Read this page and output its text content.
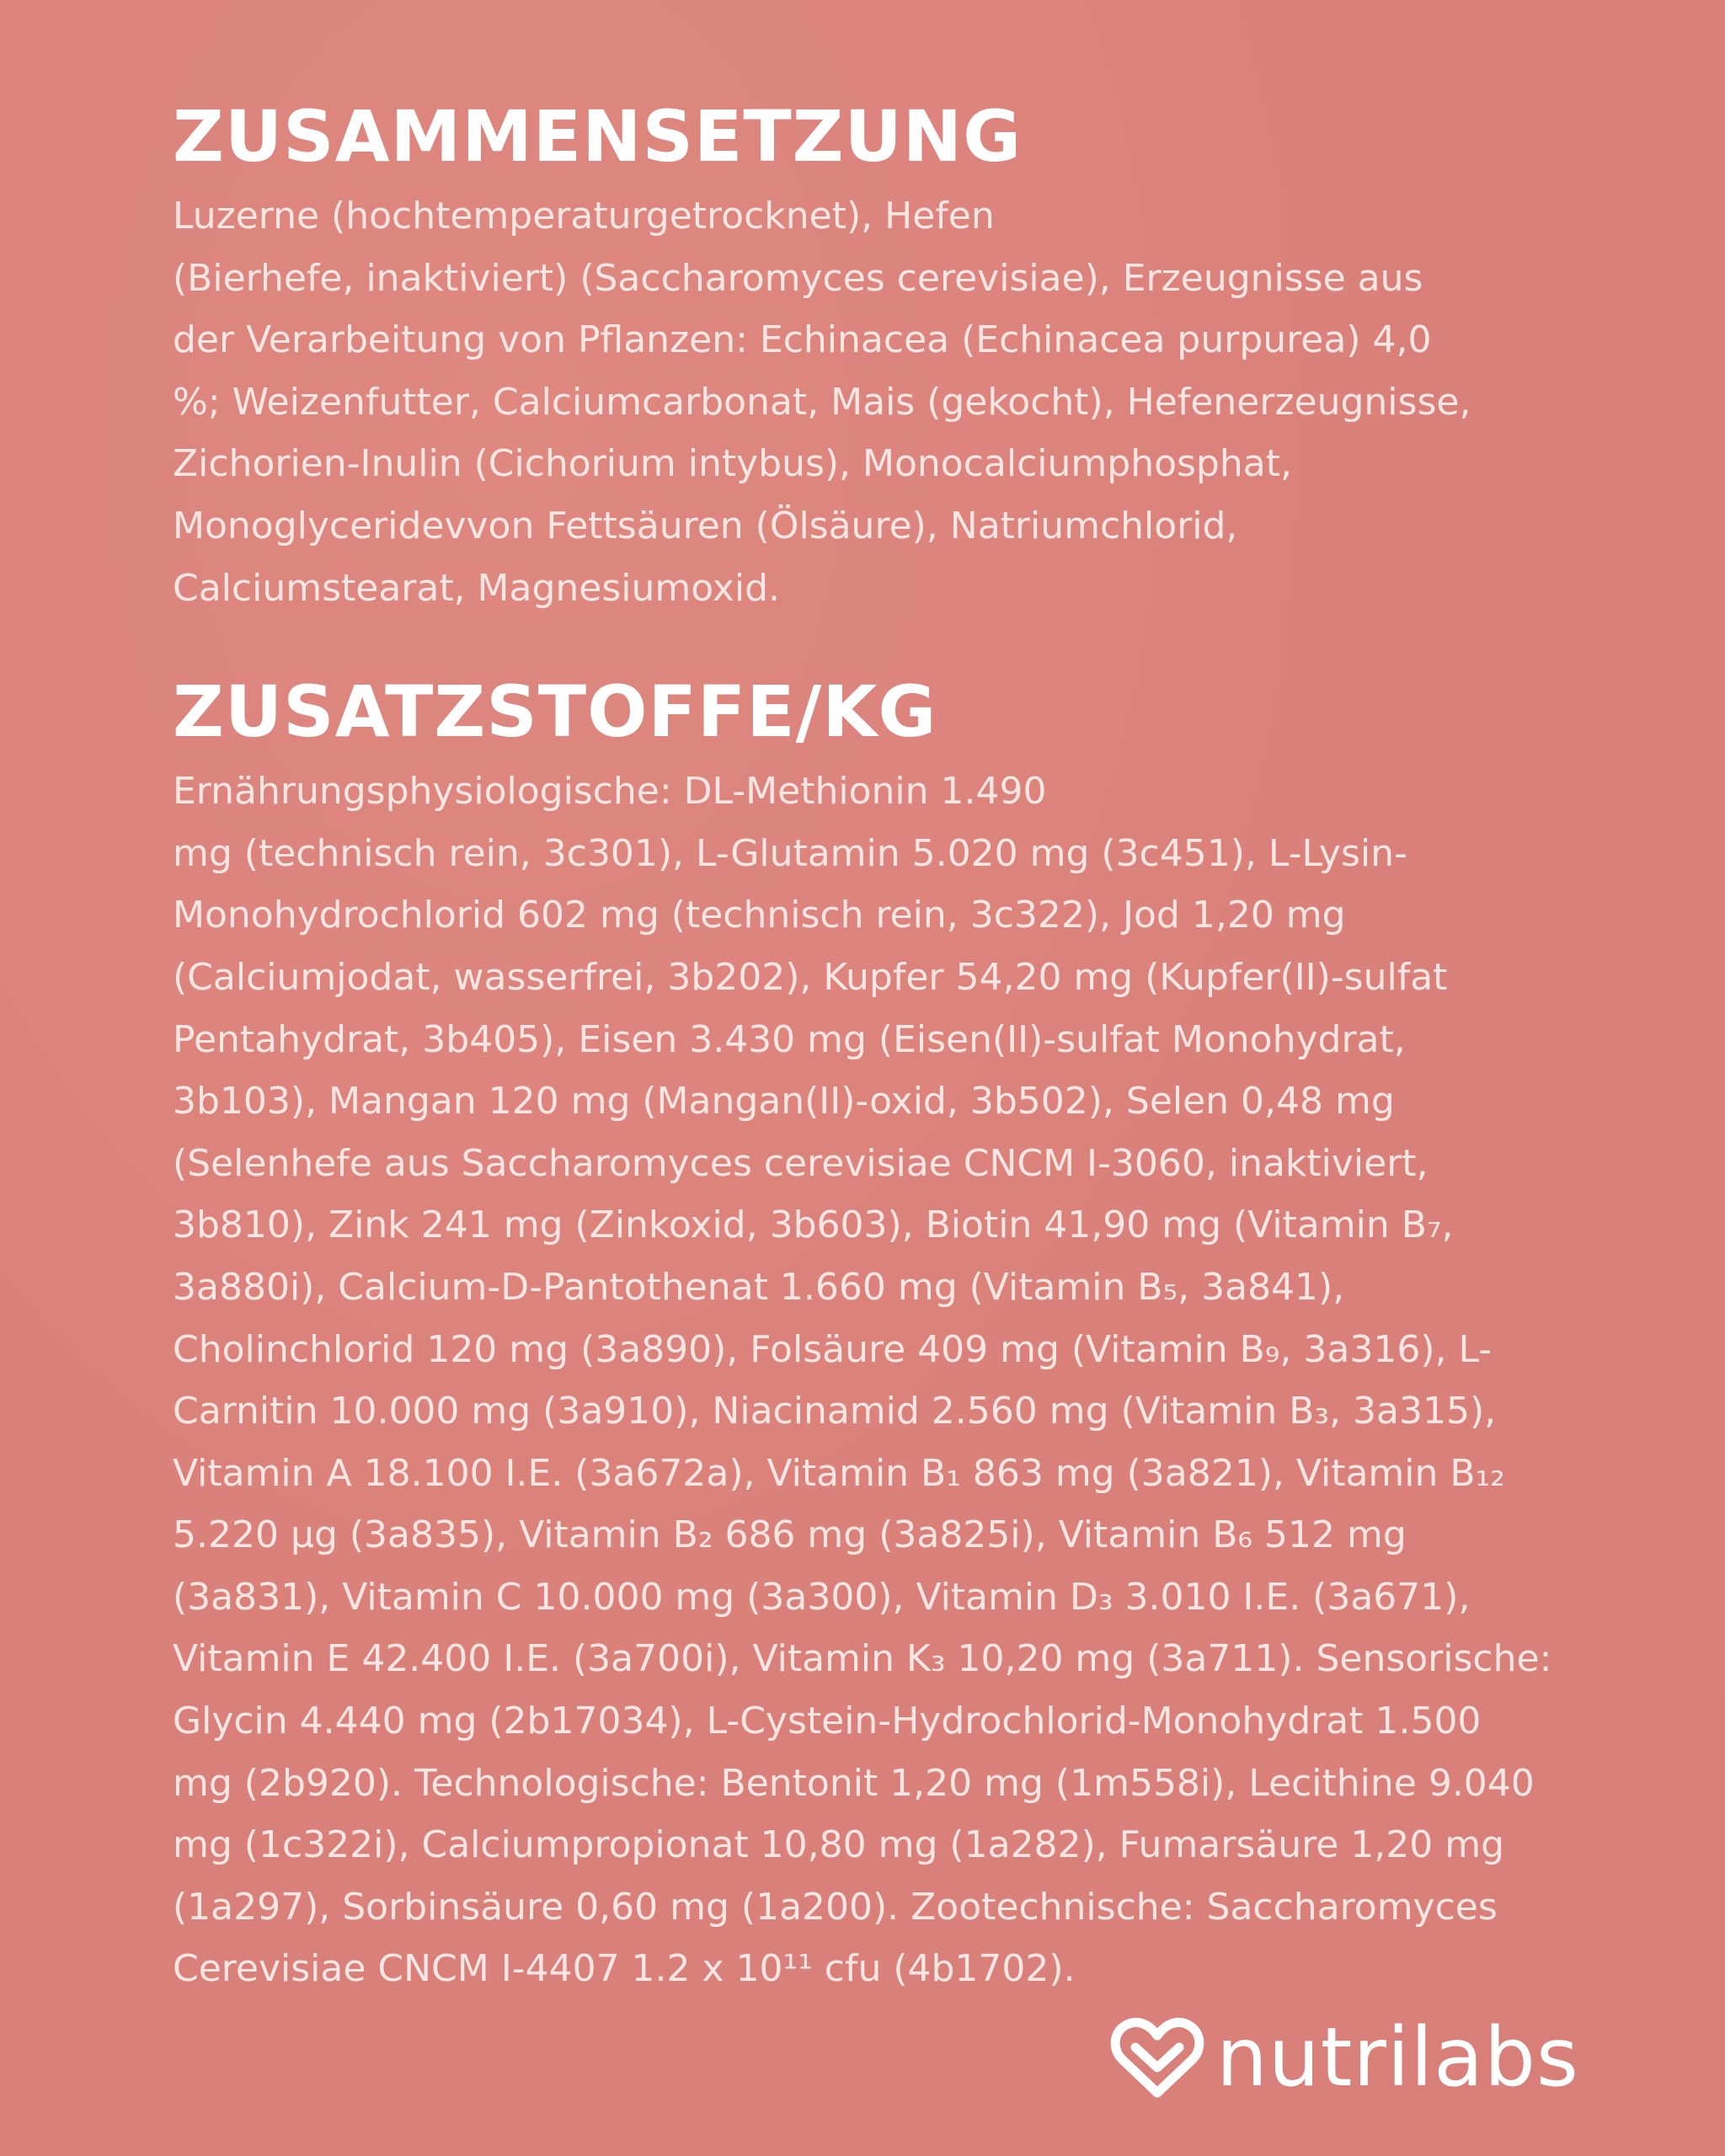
ZUSAMMENSETZUNG

Luzerne (hochtemperaturgetrocknet), Hefen
(Bierhefe, inaktiviert) (Saccharomyces cerevisiae), Erzeugnisse aus
der Verarbeitung von Pflanzen: Echinacea (Echinacea purpurea) 4,0
%; Weizenfutter, Calciumcarbonat, Mais (gekocht), Hefenerzeugnisse,
Zichorien-Inulin (Cichorium intybus), Monocalciumphosphat,
Monoglyceridevvon Fettsäuren (Ölsäure), Natriumchlorid,
Calciumstearat, Magnesiumoxid.

ZUSATZSTOFFE/KG

Ernährungsphysiologische: DL-Methionin 1.490
mg (technisch rein, 3c301), L-Glutamin 5.020 mg (3c451), L-Lysin-
Monohydrochlorid 602 mg (technisch rein, 3c322), Jod 1,20 mg
(Calciumjodat, wasserfrei, 3b202), Kupfer 54,20 mg (Kupfer(II)-sulfat
Pentahydrat, 3b405), Eisen 3.430 mg (Eisen(II)-sulfat Monohydrat,
3b103), Mangan 120 mg (Mangan(II)-oxid, 3b502), Selen 0,48 mg
(Selenhefe aus Saccharomyces cerevisiae CNCM I-3060, inaktiviert,
3b810), Zink 241 mg (Zinkoxid, 3b603), Biotin 41,90 mg (Vitamin B₇,
3a880i), Calcium-D-Pantothenat 1.660 mg (Vitamin B₅, 3a841),
Cholinchlorid 120 mg (3a890), Folsäure 409 mg (Vitamin B₉, 3a316), L-
Carnitin 10.000 mg (3a910), Niacinamid 2.560 mg (Vitamin B₃, 3a315),
Vitamin A 18.100 I.E. (3a672a), Vitamin B₁ 863 mg (3a821), Vitamin B₁₂
5.220 µg (3a835), Vitamin B₂ 686 mg (3a825i), Vitamin B₆ 512 mg
(3a831), Vitamin C 10.000 mg (3a300), Vitamin D₃ 3.010 I.E. (3a671),
Vitamin E 42.400 I.E. (3a700i), Vitamin K₃ 10,20 mg (3a711). Sensorische:
Glycin 4.440 mg (2b17034), L-Cystein-Hydrochlorid-Monohydrat 1.500
mg (2b920). Technologische: Bentonit 1,20 mg (1m558i), Lecithine 9.040
mg (1c322i), Calciumpropionat 10,80 mg (1a282), Fumarsäure 1,20 mg
(1a297), Sorbinsäure 0,60 mg (1a200). Zootechnische: Saccharomyces
Cerevisiae CNCM I-4407 1.2 x 10¹¹ cfu (4b1702).

nutrilabs
